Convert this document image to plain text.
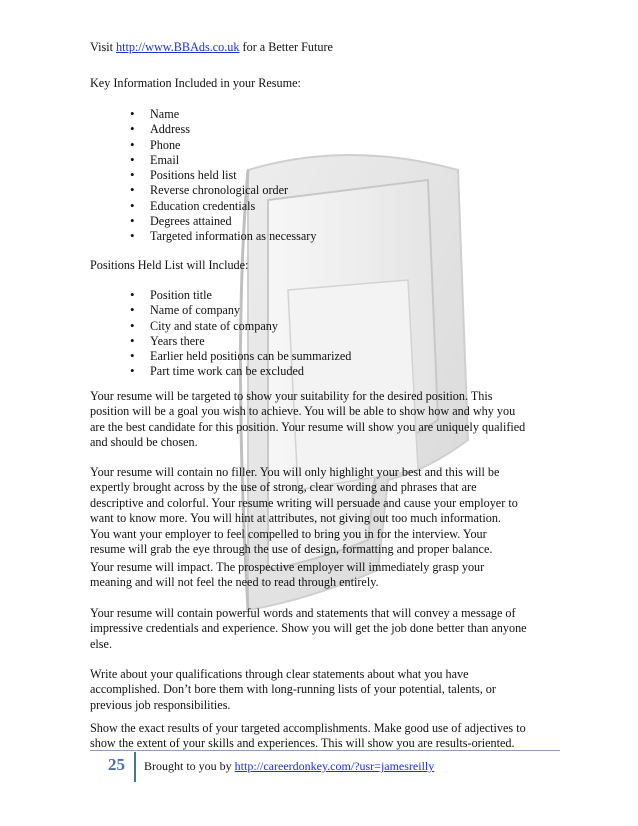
Visit http://www.BBAds.co.uk for a Better Future
Key Information Included in your Resume:
• Name
• Address
• Phone
• Email
• Positions held list
• Reverse chronological order
• Education credentials
• Degrees attained
• Targeted information as necessary
Positions Held List will Include:
• Position title
• Name of company
• City and state of company
• Years there
• Earlier held positions can be summarized
• Part time work can be excluded
Your resume will be targeted to show your suitability for the desired position. This
position will be a goal you wish to achieve. You will be able to show how and why you
are the best candidate for this position. Your resume will show you are uniquely qualified
and should be chosen.
Your resume will contain no filler. You will only highlight your best and this will be
expertly brought across by the use of strong, clear wording and phrases that are
descriptive and colorful. Your resume writing will persuade and cause your employer to
want to know more. You will hint at attributes, not giving out too much information.
You want your employer to feel compelled to bring you in for the interview. Your
resume will grab the eye through the use of design, formatting and proper balance.
Your resume will impact. The prospective employer will immediately grasp your
meaning and will not feel the need to read through entirely.
Your resume will contain powerful words and statements that will convey a message of
impressive credentials and experience. Show you will get the job done better than anyone
else.
Write about your qualifications through clear statements about what you have
accomplished. Don’t bore them with long-running lists of your potential, talents, or
previous job responsibilities.
Show the exact results of your targeted accomplishments. Make good use of adjectives to
show the extent of your skills and experiences. This will show you are results-oriented.
25 Brought to you by http://careerdonkey.com/?usr=jamesreilly
